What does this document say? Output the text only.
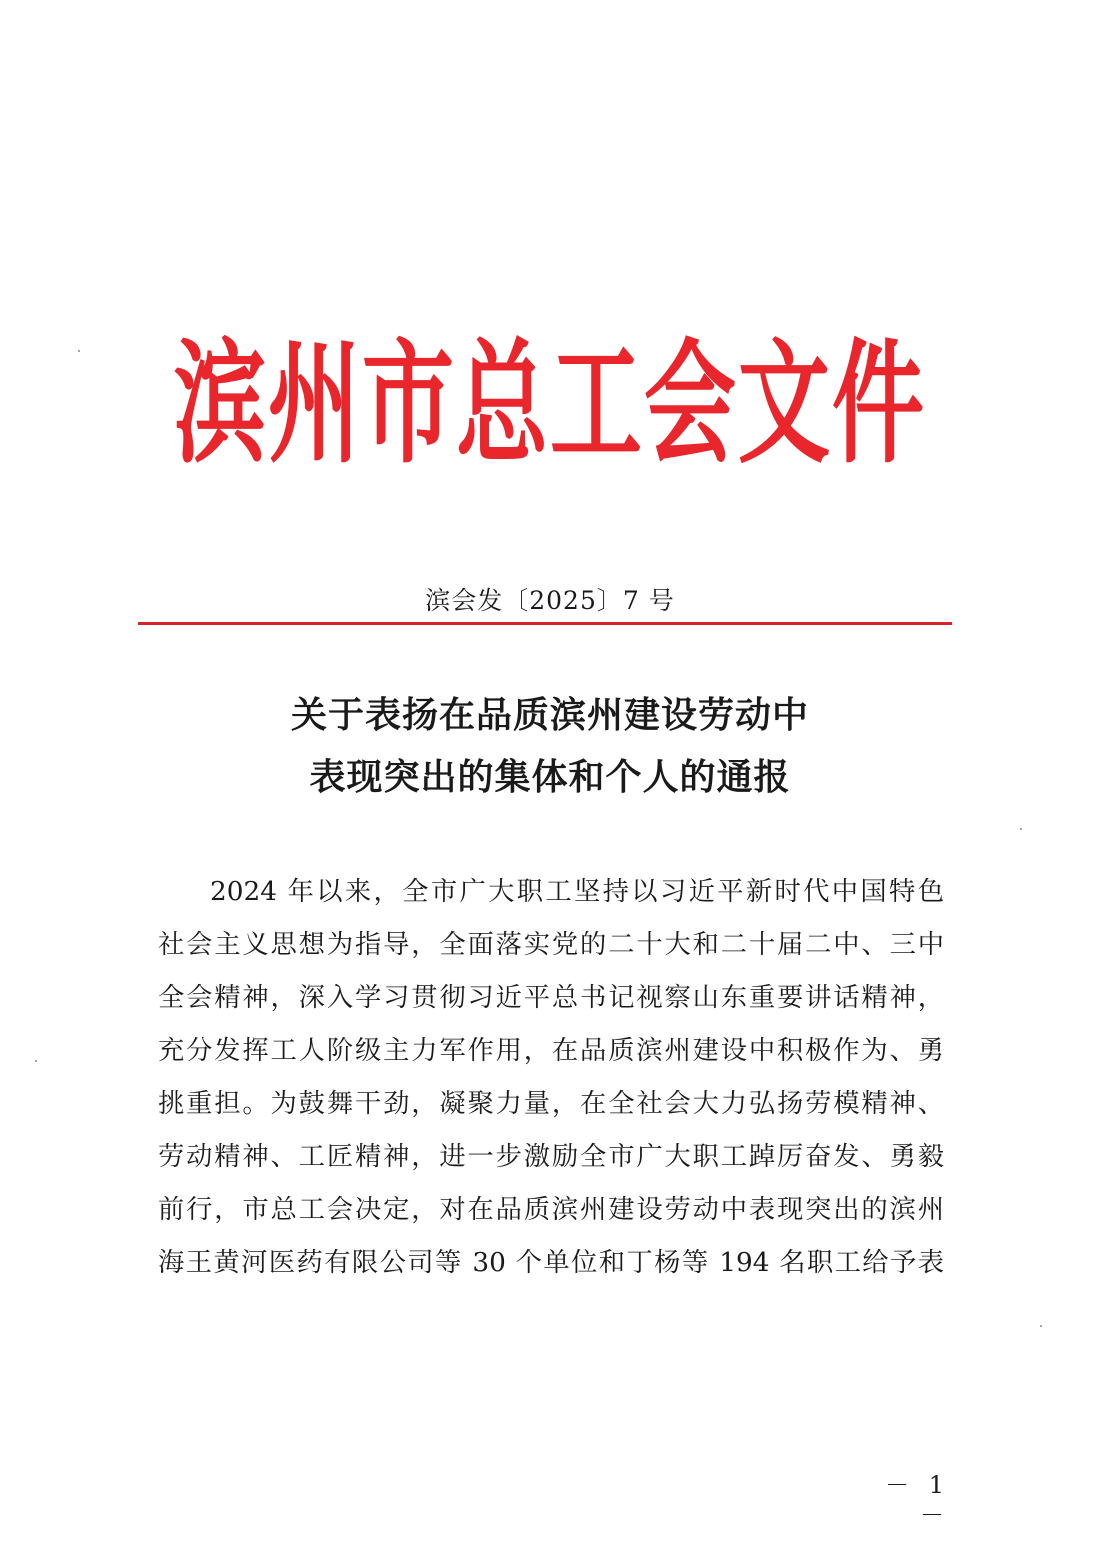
滨州市总工会文件
滨会发〔2025〕7 号
关于表扬在品质滨州建设劳动中
表现突出的集体和个人的通报
2024 年以来，全市广大职工坚持以习近平新时代中国特色
社会主义思想为指导，全面落实党的二十大和二十届二中、三中
全会精神，深入学习贯彻习近平总书记视察山东重要讲话精神，
充分发挥工人阶级主力军作用，在品质滨州建设中积极作为、勇
挑重担。为鼓舞干劲，凝聚力量，在全社会大力弘扬劳模精神、
劳动精神、工匠精神，进一步激励全市广大职工踔厉奋发、勇毅
前行，市总工会决定，对在品质滨州建设劳动中表现突出的滨州
海王黄河医药有限公司等 30 个单位和丁杨等 194 名职工给予表
－ 1 －
